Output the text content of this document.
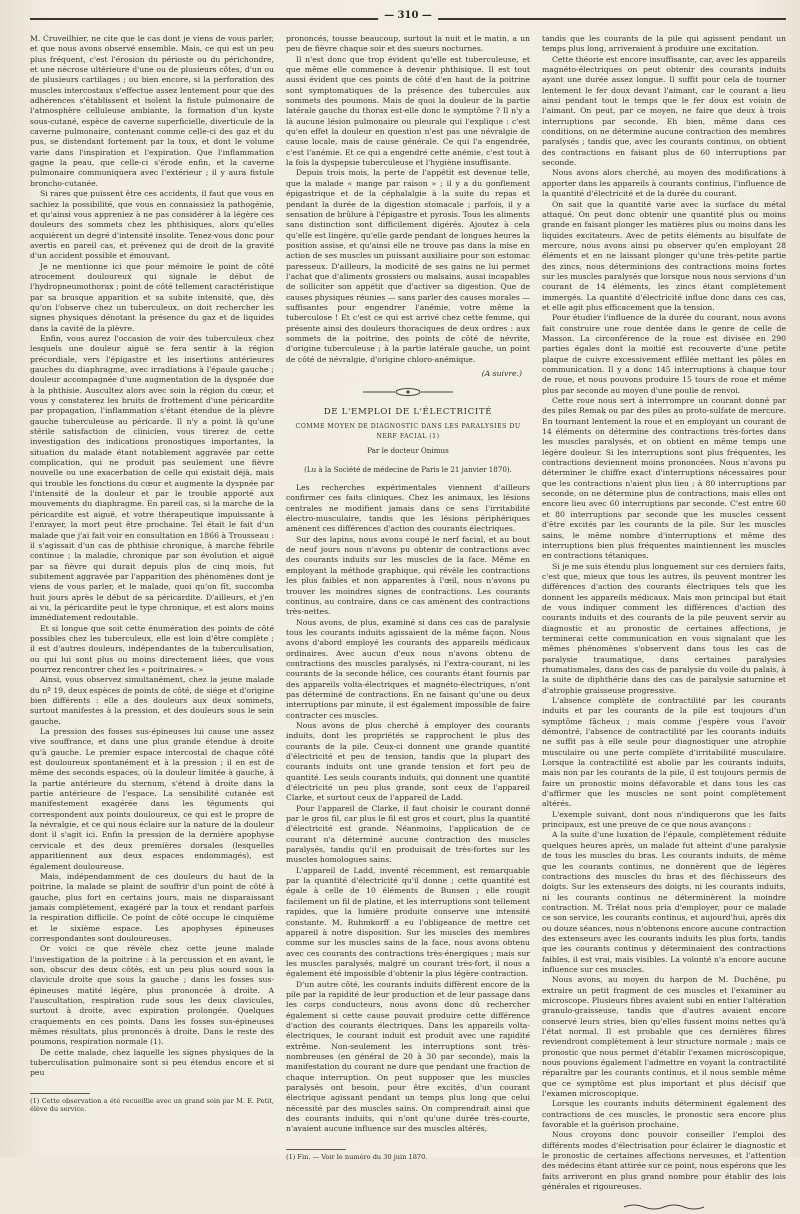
— 310 —

M. Cruveilhier, ne cite que le cas dont je viens de vous parler, et que nous avons observé ensemble. Mais, ce qui est un peu plus fréquent, c'est l'érosion du périoste ou du périchondre, et une nécrose ultérieure d'une ou de plusieurs côtes, d'un ou de plusieurs cartilages ; ou bien encore, si la perforation des muscles intercostaux s'effectue assez lentement pour que des adhérences s'établissent et isolent la fistule pulmonaire de l'atmosphère celluleuse ambiante, la formation d'un kyste sous-cutané, espèce de caverne superficielle, diverticule de la caverne pulmonaire, contenant comme celle-ci des gaz et du pus, se distendant fortement par la toux, et dont le volume varie dans l'inspiration et l'expiration. Que l'inflammation gagne la peau, que celle-ci s'érode enfin, et la caverne pulmonaire communiquera avec l'extérieur ; il y aura fistule broncho-cutanée.

Si rares que puissent être ces accidents, il faut que vous en sachiez la possibilité, que vous en connaissiez la pathogénie, et qu'ainsi vous appreniez à ne pas considérer à la légère ces douleurs des sommets chez les phthisiques, alors qu'elles acquièrent un degré d'intensité insolite. Tenez-vous donc pour avertis en pareil cas, et prévenez qui de droit de la gravité d'un accident possible et émouvant.

Je ne mentionne ici que pour mémoire le point de côté atrocement douloureux qui signale le début de l'hydropneumothorax ; point de côté tellement caractéristique par sa brusque apparition et sa subite intensité, que, dès qu'on l'observe chez un tuberculeux, on doit rechercher les signes physiques dénotant la présence du gaz et de liquides dans la cavité de la plèvre.

Enfin, vous aurez l'occasion de voir des tuberculeux chez lesquels une douleur aiguë se fera sentir à la région précordiale, vers l'épigastre et les insertions antérieures gauches du diaphragme, avec irradiations à l'épaule gauche ; douleur accompagnée d'une augmentation de la dyspnée due à la phthisie. Auscultez alors avec soin la région du cœur, et vous y constaterez les bruits de frottement d'une péricardite par propagation, l'inflammation s'étant étendue de la plèvre gauche tuberculeuse au péricarde. Il n'y a point là qu'une stérile satisfaction de clinicien, vous tirerez de cette investigation des indications pronostiques importantes, la situation du malade étant notablement aggravée par cette complication, qui ne produit pas seulement une fièvre nouvelle ou une exacerbation de celle qui existait déjà, mais qui trouble les fonctions du cœur et augmente la dyspnée par l'intensité de la douleur et par le trouble apporté aux mouvements du diaphragme. En pareil cas, si la marche de la péricardite est aiguë, et votre thérapeutique impuissante à l'enrayer, la mort peut être prochaine. Tel était le fait d'un malade que j'ai fait voir en consultation en 1866 à Trousseau : il s'agissait d'un cas de phthisie chronique, à marche fébrile continue ; la maladie, chronique par son évolution et aiguë par sa fièvre qui durait depuis plus de cinq mois, fut subitement aggravée par l'apparition des phénomènes dont je viens de vous parler, et le malade, quoi qu'on fît, succomba huit jours après le début de sa péricardite. D'ailleurs, et j'en ai vu, la péricardite peut le type chronique, et est alors moins immédiatement redoutable.

Et si longue que soit cette énumération des points de côté possibles chez les tuberculeux, elle est loin d'être complète ; il est d'autres douleurs, indépendantes de la tuberculisation, ou qui lui sont plus ou moins directement liées, que vous pourrez rencontrer chez les « poitrinaires. »

Ainsi, vous observez simultanément, chez la jeune malade du nº 19, deux espèces de points de côté, de siége et d'origine bien différents : elle a des douleurs aux deux sommets, surtout manifestes à la pression, et des douleurs sous le sein gauche.

La pression des fosses sus-épineuses lui cause une assez vive souffrance, et dans une plus grande étendue à droite qu'à gauche. Le premier espace intercostal de chaque côté est douloureux spontanément et à la pression ; il en est de même des seconds espaces, où la douleur limitée à gauche, à la partie antérieure du sternum, s'étend à droite dans la partie antérieure de l'espace. La sensibilité cutanée est manifestement exagérée dans les téguments qui correspondent aux points douloureux, ce qui est le propre de la névralgie, et ce qui nous éclaire sur la nature de la douleur dont il s'agit ici. Enfin la pression de la dernière apophyse cervicale et des deux premières dorsales (lesquelles apparitiennent aux deux espaces endommagés), est également douloureuse.

Mais, indépendamment de ces douleurs du haut de la poitrine, la malade se plaint de souffrir d'un point de côté à gauche, plus fort en certains jours, mais ne disparaissant jamais complètement, exagéré par la toux et rendant parfois la respiration difficile. Ce point de côté occupe le cinquième et le sixième espace. Les apophyses épineuses correspondantes sont douloureuses.

Or voici ce que révèle chez cette jeune malade l'investigation de la poitrine : à la percussion et en avant, le son, obscur des deux côtés, est un peu plus sourd sous la clavicule droite que sous la gauche ; dans les fosses sus-épineuses matité légère, plus prononcée à droite. A l'auscultation, respiration rude sous les deux clavicules, surtout à droite, avec expiration prolongée. Quelques craquements en ces points. Dans les fosses sus-épineuses mêmes résultats, plus prononcés à droite. Dans le reste des poumons, respiration normale (1).

De cette malade, chez laquelle les signes physiques de la tuberculisation pulmonaire sont si peu étendus encore et si peu

(1) Cette observation a été recueillie avec un grand soin par M. E. Petit, élève du service.

prononcés, tousse beaucoup, surtout la nuit et le matin, a un peu de fièvre chaque soir et des sueurs nocturnes.

Il n'est donc que trop évident qu'elle est tuberculeuse, et que même elle commence à devenir phthisique. Il est tout aussi évident que ces points de côté d'en haut de la poitrine sont symptomatiques de la présence des tubercules aux sommets des poumons. Mais de quoi la douleur de la partie latérale gauche du thorax est-elle donc le symptôme ? Il n'y a là aucune lésion pulmonaire ou pleurale qui l'explique : c'est qu'en effet la douleur en question n'est pas une névralgie de cause locale, mais de cause générale. Ce qui l'a engendrée, c'est l'anémie. Et ce qui a engendré cette anémie, c'est tout à la fois la dyspepsie tuberculeuse et l'hygiène insuffisante.

Depuis trois mois, la perte de l'appétit est devenue telle, que la malade « mange par raison » ; il y a du gonflement épigastrique et de la céphalalgie à la suite du repas et pendant la durée de la digestion stomacale ; parfois, il y a sensation de brûlure à l'épigastre et pyrosis. Tous les aliments sans distinction sont difficilement digérés. Ajoutez à cela qu'elle est lingère, qu'elle garde pendant de longues heures la position assise, et qu'ainsi elle ne trouve pas dans la mise en action de ses muscles un puissant auxiliaire pour son estomac paresseux. D'ailleurs, la modicité de ses gains ne lui permet l'achat que d'aliments grossiers ou malsains, aussi incapables de solliciter son appétit que d'activer sa digestion. Que de causes physiques réunies — sans parler des causes morales — suffisantes pour engendrer l'anémie, votre même la tuberculose ! Et c'est ce qui est arrivé chez cette femme, qui présente ainsi des douleurs thoraciques de deux ordres : aux sommets de la poitrine, des points de côté de névrite, d'origine tuberculeuse ; à la partie latérale gauche, un point de côté de névralgie, d'origine chloro-anémique.

(A suivre.)
DE L'EMPLOI DE L'ÉLECTRICITÉ
COMME MOYEN DE DIAGNOSTIC DANS LES PARALYSIES DU NERF FACIAL (1)
Par le docteur Onimus
(Lu à la Société de médecine de Paris le 21 janvier 1870).

Les recherches expérimentales viennent d'ailleurs confirmer ces faits cliniques. Chez les animaux, les lésions centrales ne modifient jamais dans ce sens l'irritabilité électro-musculaire, tandis que les lésions périphériques amènent ces différences d'action des courants électriques.

Sur des lapins, nous avons coupé le nerf facial, et au bout de neuf jours nous n'avons pu obtenir de contractions avec des courants induits sur les muscles de la face. Même en employant la méthode graphique, qui révèle les contractions les plus faibles et non apparentes à l'œil, nous n'avons pu trouver les moindres signes de contractions. Les courants continus, au contraire, dans ce cas amènent des contractions très-nettes.

Nous avons, de plus, examiné si dans ces cas de paralysie tous les courants induits agissaient de la même façon. Nous avons d'abord employé les courants des appareils médicaux ordinaires. Avec aucun d'eux nous n'avons obtenu de contractions des muscles paralysés, ni l'extra-courant, ni les courants de la seconde hélice, ces courants étant fournis par des appareils volta-électriques et magnéto-électriques, n'ont pas déterminé de contractions. En ne faisant qu'une ou deux interruptions par minute, il est également impossible de faire contracter ces muscles.

Nous avons de plus cherché à employer des courants induits, dont les propriétés se rapprochent le plus des courants de la pile. Ceux-ci donnent une grande quantité d'électricité et peu de tension, tandis que la plupart des courants induits ont une grande tension et fort peu de quantité. Les seuls courants induits, qui donnent une quantité d'électricité un peu plus grande, sont ceux de l'appareil Clarke, et surtout ceux de l'appareil de Ladd.

Pour l'appareil de Clarke, il faut choisir le courant donné par le gros fil, car plus le fil est gros et court, plus la quantité d'électricité est grande. Néanmoins, l'application de ce courant n'a déterminé aucune contraction des muscles paralysés, tandis qu'il en produisait de très-fortes sur les muscles homologues sains.

L'appareil de Ladd, inventé récemment, est remarquable par la quantité d'électricité qu'il donne ; cette quantité est égale à celle de 10 éléments de Bunsen ; elle rougit facilement un fil de platine, et les interruptions sont tellement rapides, que la lumière produite conserve une intensité constante. M. Ruhmkorff a eu l'obligeance de mettre cet appareil à notre disposition. Sur les muscles des membres comme sur les muscles sains de la face, nous avons obtenu avec ces courants des contractions très-énergiques ; mais sur les muscles paralysés, malgré un courant très-fort, il nous a également été impossible d'obtenir la plus légère contraction.

D'un autre côté, les courants induits diffèrent encore de la pile par la rapidité de leur production et de leur passage dans les corps conducteurs, nous avons donc dû rechercher également si cette cause pouvait produire cette différence d'action des courants électriques. Dans les appareils volta-électriques, le courant induit est produit avec une rapidité extrême. Non-seulement les interruptions sont très-nombreuses (en général de 20 à 30 par seconde), mais la manifestation du courant ne dure que pendant une fraction de chaque interruption. On peut supposer que les muscles paralysés ont besoin, pour être excités, d'un courant électrique agissant pendant un temps plus long que celui nécessité par des muscles sains. On comprendrait ainsi que des courants induits, qui n'ont qu'une durée très-courte, n'avaient aucune influence sur des muscles altérés,

(1) Fin. — Voir le numéro du 30 juin 1870.

tandis que les courants de la pile qui agissent pendant un temps plus long, arriveraient à produire une excitation.

Cette théorie est encore insuffisante, car, avec les appareils magnéto-électriques on peut obtenir des courants induits ayant une durée assez longue. Il suffit pour cela de tourner lentement le fer doux devant l'aimant, car le courant a lieu ainsi pendant tout le temps que le fer doux est voisin de l'aimant. On peut, par ce moyen, ne faire que deux à trois interruptions par seconde. Eh bien, même dans ces conditions, on ne détermine aucune contraction des membres paralysés ; tandis que, avec les courants continus, on obtient des contractions en faisant plus de 60 interruptions par seconde.

Nous avons alors cherché, au moyen des modifications à apporter dans les appareils à courants continus, l'influence de la quantité d'électricité et de la durée du courant.

On sait que la quantité varie avec la surface du métal attaqué. On peut donc obtenir une quantité plus ou moins grande en faisant plonger les matières plus ou moins dans les liquides excitateurs. Avec de petits éléments au bisulfate de mercure, nous avons ainsi pu observer qu'en employant 28 éléments et en ne laissant plonger qu'une très-petite partie des zincs, nous déterminions des contractions moins fortes sur les muscles paralysés que lorsque nous nous servions d'un courant de 14 éléments, les zincs étant complètement immergés. La quantité d'électricité influe donc dans ces cas, et elle agit plus efficacement que la tension.

Pour étudier l'influence de la durée du courant, nous avons fait construire une roue dentée dans le genre de celle de Masson. La circonférence de la roue est divisée en 290 parties égales dont la moitié est recouverte d'une petite plaque de cuivre excessivement effilée mettant les pôles en communication. Il y a donc 145 interruptions à chaque tour de roue, et nous pouvons produire 15 tours de roue et même plus par seconde au moyen d'une poulie de renvoi.

Cette roue nous sert à interrompre un courant donné par des piles Remak ou par des piles au proto-sulfate de mercure. En tournant lentement la roue et en employant un courant de 14 éléments on détermine des contractions très-fortes dans les muscles paralysés, et on obtient en même temps une légère douleur. Si les interruptions sont plus fréquentes, les contractions deviennent moins prononcées. Nous n'avons pu déterminer le chiffre exact d'interruptions nécessaires pour que les contractions n'aient plus lieu ; à 80 interruptions par seconde, on ne détermine plus de contractions, mais elles ont encore lieu avec 60 interruptions par seconde. C'est entre 60 et 80 interruptions par seconde que les muscles cessent d'être excités par les courants de la pile. Sur les muscles sains, le même nombre d'interruptions et même des interruptions bien plus fréquentes maintiennent les muscles en contractions tétaniques.

Si je me suis étendu plus longuement sur ces derniers faits, c'est que, mieux que tous les autres, ils peuvent montrer les différences d'action des courants électriques tels que les donnent les appareils médicaux. Mais mon principal but était de vous indiquer comment les différences d'action des courants induits et des courants de la pile peuvent servir au diagnostic et au pronostic de certaines affections, je terminerai cette communication en vous signalant que les mêmes phénomènes s'observent dans tous les cas de paralysie traumatique, dans certaines paralysies rhumatismales, dans des cas de paralysie du voile du palais, à la suite de diphthérie dans des cas de paralysie saturnine et d'atrophie graisseuse progressive.

L'absence complète de contractilité par les courants induits et par les courants de la pile est toujours d'un symptôme fâcheux ; mais comme j'espère vous l'avoir démontré, l'absence de contractilité par les courants induits ne suffit pas à elle seule pour diagnostiquer une atrophie musculaire ou une perte complète d'irritabilité musculaire. Lorsque la contractilité est abolie par les courants induits, mais non par les courants de la pile, il est toujours permis de faire un pronostic moins défavorable et dans tous les cas d'affirmer que les muscles ne sont point complètement altérés.

L'exemple suivant, dont nous n'indiquerons que les faits principaux, est une preuve de ce que nous avançons :

A la suite d'une luxation de l'épaule, complètement réduite quelques heures après, un malade fut atteint d'une paralysie de tous les muscles du bras. Les courants induits, de même que les courants continus, ne donnèrent que de légères contractions des muscles du bras et des fléchisseurs des doigts. Sur les extenseurs des doigts, ni les courants induits, ni les courants continus ne déterminèrent la moindre contraction. M. Trélat nous pria d'employer, pour ce malade ce son service, les courants continus, et aujourd'hui, après dix ou douze séances, nous n'obtenons encore aucune contraction des extenseurs avec les courants induits les plus forts, tandis que les courants continus y déterminaient des contractions faibles, il est vrai, mais visibles. La volonté n'a encore aucune influence sur ces muscles.

Nous avons, au moyen du harpon de M. Duchêne, pu extraire un petit fragment de ces muscles et l'examiner au microscope. Plusieurs fibres avaient subi en entier l'altération granulo-graisseuse, tandis que d'autres avaient encore conservé leurs stries, bien qu'elles fussent moins nettes qu'à l'état normal. Il est probable que ces dernières fibres reviendront complètement à leur structure normale ; mais ce pronostic que nous permet d'établir l'examen microscopique, nous pouvions également l'admettre en voyant la contractilité réparaître par les courants continus, et il nous semble même que ce symptôme est plus important et plus décisif que l'examen microscopique.

Lorsque les courants induits déterminent également des contractions de ces muscles, le pronostic sera encore plus favorable et la guérison prochaine.

Nous croyons donc pouvoir conseiller l'emploi des différents modes d'électrisation pour éclairer le diagnostic et le pronostic de certaines affections nerveuses, et l'attention des médecins étant attirée sur ce point, nous espérons que les faits arriveront en plus grand nombre pour établir des lois générales et rigoureuses.
